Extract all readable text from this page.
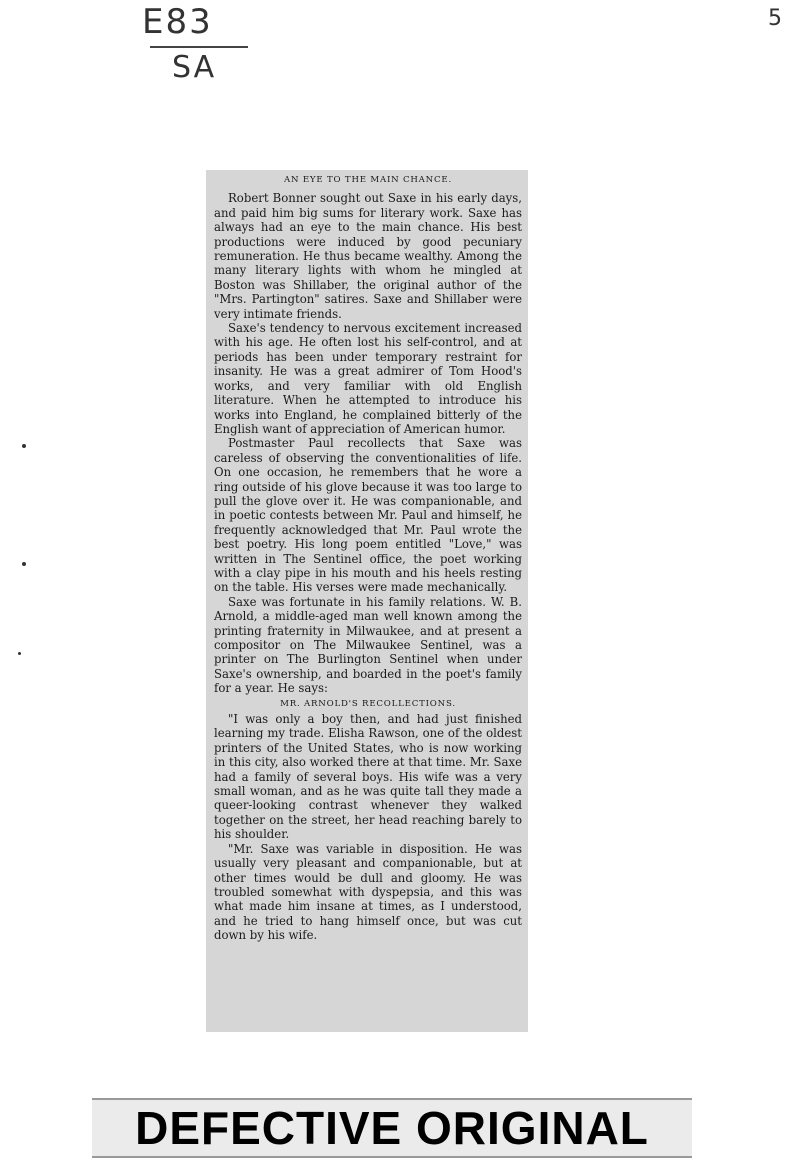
E83
SA
5
AN EYE TO THE MAIN CHANCE.

Robert Bonner sought out Saxe in his early days, and paid him big sums for literary work. Saxe has always had an eye to the main chance. His best productions were induced by good pecuniary remuneration. He thus became wealthy. Among the many literary lights with whom he mingled at Boston was Shillaber, the original author of the "Mrs. Partington" satires. Saxe and Shillaber were very intimate friends.

Saxe's tendency to nervous excitement increased with his age. He often lost his self-control, and at periods has been under temporary restraint for insanity. He was a great admirer of Tom Hood's works, and very familiar with old English literature. When he attempted to introduce his works into England, he complained bitterly of the English want of appreciation of American humor.

Postmaster Paul recollects that Saxe was careless of observing the conventionalities of life. On one occasion, he remembers that he wore a ring outside of his glove because it was too large to pull the glove over it. He was companionable, and in poetic contests between Mr. Paul and himself, he frequently acknowledged that Mr. Paul wrote the best poetry. His long poem entitled "Love," was written in The Sentinel office, the poet working with a clay pipe in his mouth and his heels resting on the table. His verses were made mechanically.

Saxe was fortunate in his family relations. W. B. Arnold, a middle-aged man well known among the printing fraternity in Milwaukee, and at present a compositor on The Milwaukee Sentinel, was a printer on The Burlington Sentinel when under Saxe's ownership, and boarded in the poet's family for a year. He says:

MR. ARNOLD'S RECOLLECTIONS.

"I was only a boy then, and had just finished learning my trade. Elisha Rawson, one of the oldest printers of the United States, who is now working in this city, also worked there at that time. Mr. Saxe had a family of several boys. His wife was a very small woman, and as he was quite tall they made a queer-looking contrast whenever they walked together on the street, her head reaching barely to his shoulder.

"Mr. Saxe was variable in disposition. He was usually very pleasant and companionable, but at other times would be dull and gloomy. He was troubled somewhat with dyspepsia, and this was what made him insane at times, as I understood, and he tried to hang himself once, but was cut down by his wife.

DEFECTIVE ORIGINAL
